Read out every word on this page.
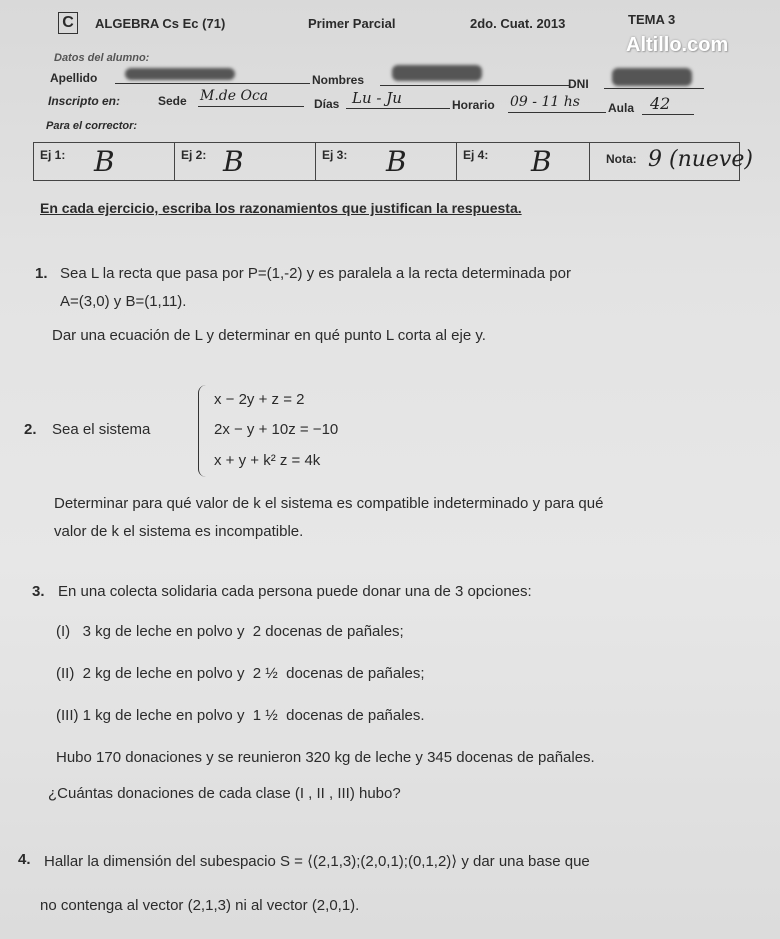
C	ALGEBRA Cs Ec (71)	Primer Parcial	2do. Cuat. 2013	TEMA 3
Altillo.com
Datos del alumno:
Apellido	Nombres	DNI
Inscripto en:	Sede M.de Oca	Días Lu - Ju	Horario 09 - 11 hs Aula 42
Para el corrector:
Ej 1: B	Ej 2: B	Ej 3: B	Ej 4: B	Nota: 9 (nueve)
En cada ejercicio, escriba los razonamientos que justifican la respuesta.
1. Sea L la recta que pasa por P=(1,-2) y es paralela a la recta determinada por
A=(3,0) y B=(1,11).
Dar una ecuación de L y determinar en qué punto L corta al eje y.
2. Sea el sistema
x − 2y + z = 2
2x − y + 10z = −10
x + y + k² z = 4k
Determinar para qué valor de k el sistema es compatible indeterminado y para qué
valor de k el sistema es incompatible.
3. En una colecta solidaria cada persona puede donar una de 3 opciones:
(I)   3 kg de leche en polvo y  2 docenas de pañales;
(II)  2 kg de leche en polvo y  2 ½  docenas de pañales;
(III) 1 kg de leche en polvo y  1 ½  docenas de pañales.
Hubo 170 donaciones y se reunieron 320 kg de leche y 345 docenas de pañales.
¿Cuántas donaciones de cada clase (I , II , III) hubo?
4. Hallar la dimensión del subespacio S = ⟨(2,1,3);(2,0,1);(0,1,2)⟩ y dar una base que
no contenga al vector (2,1,3) ni al vector (2,0,1).
